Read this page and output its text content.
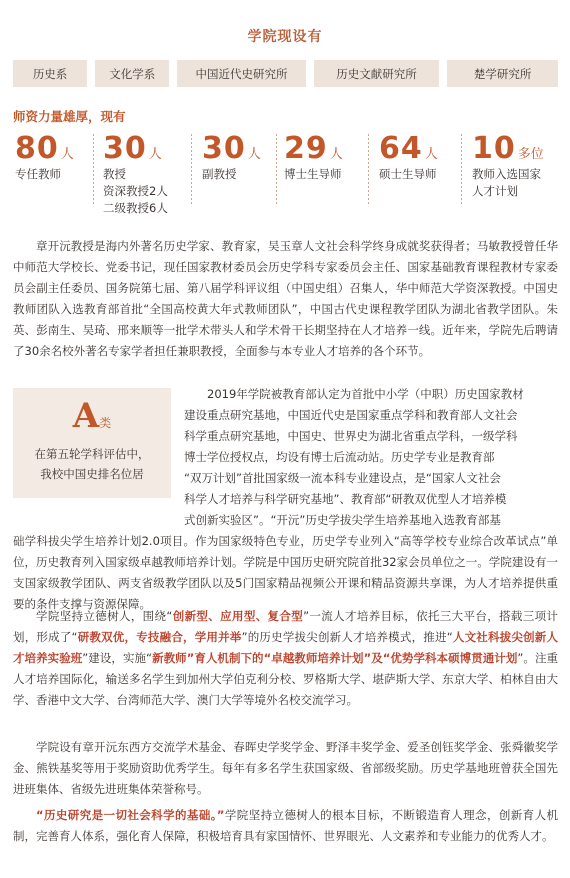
学院现设有
历史系	文化学系	中国近代史研究所	历史文献研究所	楚学研究所
师资力量雄厚，现有
80 人
专任教师
30 人
教授
资深教授2人
二级教授6人
30 人
副教授
29 人
博士生导师
64 人
硕士生导师
10 多位
教师入选国家
人才计划

章开沅教授是海内外著名历史学家、教育家，吴玉章人文社会科学终身成就奖获得者；马敏教授曾任华中师范大学校长、党委书记，现任国家教材委员会历史学科专家委员会主任、国家基础教育课程教材专家委员会副主任委员、国务院第七届、第八届学科评议组（中国史组）召集人，华中师范大学资深教授。中国史教师团队入选教育部首批“全国高校黄大年式教师团队”，中国古代史课程教学团队为湖北省教学团队。朱英、彭南生、吴琦、邢来顺等一批学术带头人和学术骨干长期坚持在人才培养一线。近年来，学院先后聘请了30余名校外著名专家学者担任兼职教授，全面参与本专业人才培养的各个环节。

A类
在第五轮学科评估中，
我校中国史排名位居
2019年学院被教育部认定为首批中小学（中职）历史国家教材
建设重点研究基地，中国近代史是国家重点学科和教育部人文社会
科学重点研究基地，中国史、世界史为湖北省重点学科，一级学科
博士学位授权点，均设有博士后流动站。历史学专业是教育部
“双万计划”首批国家级一流本科专业建设点，是“国家人文社会
科学人才培养与科学研究基地”、教育部“研教双优型人才培养模
式创新实验区”。“开沅”历史学拔尖学生培养基地入选教育部基

础学科拔尖学生培养计划2.0项目。作为国家级特色专业，历史学专业列入“高等学校专业综合改革试点”单位，历史教育列入国家级卓越教师培养计划。学院是中国历史研究院首批32家会员单位之一。学院建设有一支国家级教学团队、两支省级教学团队以及5门国家精品视频公开课和精品资源共享课，为人才培养提供重要的条件支撑与资源保障。

学院坚持立德树人，围绕“创新型、应用型、复合型”一流人才培养目标，依托三大平台，搭载三项计划，形成了“研教双优，专技融合，学用并举”的历史学拔尖创新人才培养模式，推进“人文社科拔尖创新人才培养实验班”建设，实施“新教师”育人机制下的“卓越教师培养计划”及“优势学科本硕博贯通计划”。注重人才培养国际化，输送多名学生到加州大学伯克利分校、罗格斯大学、堪萨斯大学、东京大学、柏林自由大学、香港中文大学、台湾师范大学、澳门大学等境外名校交流学习。

学院设有章开沅东西方交流学术基金、春晖史学奖学金、野泽丰奖学金、爱圣创钰奖学金、张舜徽奖学金、熊铁基奖等用于奖励资助优秀学生。每年有多名学生获国家级、省部级奖励。历史学基地班曾获全国先进班集体、省级先进班集体荣誉称号。

“历史研究是一切社会科学的基础。”学院坚持立德树人的根本目标，不断锻造育人理念，创新育人机制，完善育人体系，强化育人保障，积极培育具有家国情怀、世界眼光、人文素养和专业能力的优秀人才。
